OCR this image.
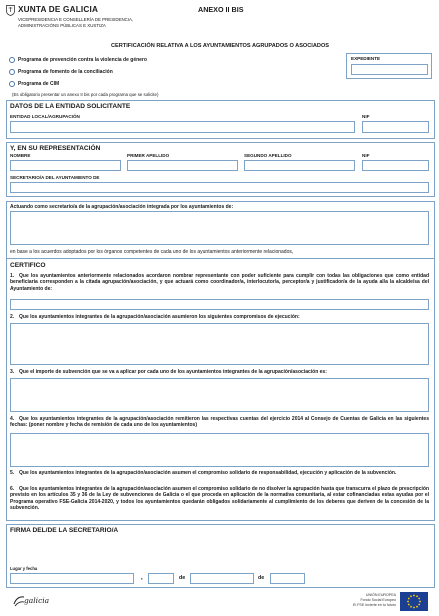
XUNTA DE GALICIA
VICEPRESIDENCIA E CONSELLERÍA DE PRESIDENCIA,
ADMINISTRACIÓNS PÚBLICAS E XUSTIZA
ANEXO II BIS
CERTIFICACIÓN RELATIVA A LOS AYUNTAMIENTOS AGRUPADOS O ASOCIADOS
Programa de prevención contra la violencia de género
Programa de fomento de la conciliación
Programa de CIM
(Es obligatorio presentar un anexo II bis por cada programa que se solicite)
EXPEDIENTE
DATOS DE LA ENTIDAD SOLICITANTE
ENTIDAD LOCAL/AGRUPACIÓN	NIF
Y, EN SU REPRESENTACIÓN
NOMBRE	PRIMER APELLIDO	SEGUNDO APELLIDO	NIF
SECRETARIO/A DEL AYUNTAMIENTO DE
Actuando como secretario/a de la agrupación/asociación integrada por los ayuntamientos de:
en base a los acuerdos adoptados por los órganos competentes de cada uno de los ayuntamientos anteriormente relacionados,
CERTIFICO
1. Que los ayuntamientos anteriormente relacionados acordaron nombrar representante con poder suficiente para cumplir con todas las obligaciones que como entidad beneficiaria corresponden a la citada agrupación/asociación, y que actuará como coordinador/a, interlocutor/a, perceptor/a y justificador/a de la ayuda al/a la alcalde/sa del Ayuntamiento de:
2. Que los ayuntamientos integrantes de la agrupación/asociación asumieron los siguientes compromisos de ejecución:
3. Que el importe de subvención que se va a aplicar por cada uno de los ayuntamientos integrantes de la agrupación/asociación es:
4. Que los ayuntamientos integrantes de la agrupación/asociación remitieron las respectivas cuentas del ejercicio 2014 al Consejo de Cuentas de Galicia en las siguientes fechas: (poner nombre y fecha de remisión de cada uno de los ayuntamientos)
5. Que los ayuntamientos integrantes de la agrupación/asociación asumen el compromiso solidario de responsabilidad, ejecución y aplicación de la subvención.
6. Que los ayuntamientos integrantes de la agrupación/asociación asumen el compromiso solidario de no disolver la agrupación hasta que transcurra el plazo de prescripción previsto en los artículos 35 y 36 de la Ley de subvenciones de Galicia o el que proceda en aplicación de la normativa comunitaria, al estar cofinanciadas estas ayudas por el Programa operativo FSE-Galicia 2014-2020, y todos los ayuntamientos quedarán obligados solidariamente al cumplimiento de los deberes que deriven de la concesión de la subvención.
FIRMA DEL/DE LA SECRETARIO/A
Lugar y fecha
,	de	de
galicia
UNIÓN EUROPEA
Fondo Social Europeo
El FSE invierte en tu futuro
